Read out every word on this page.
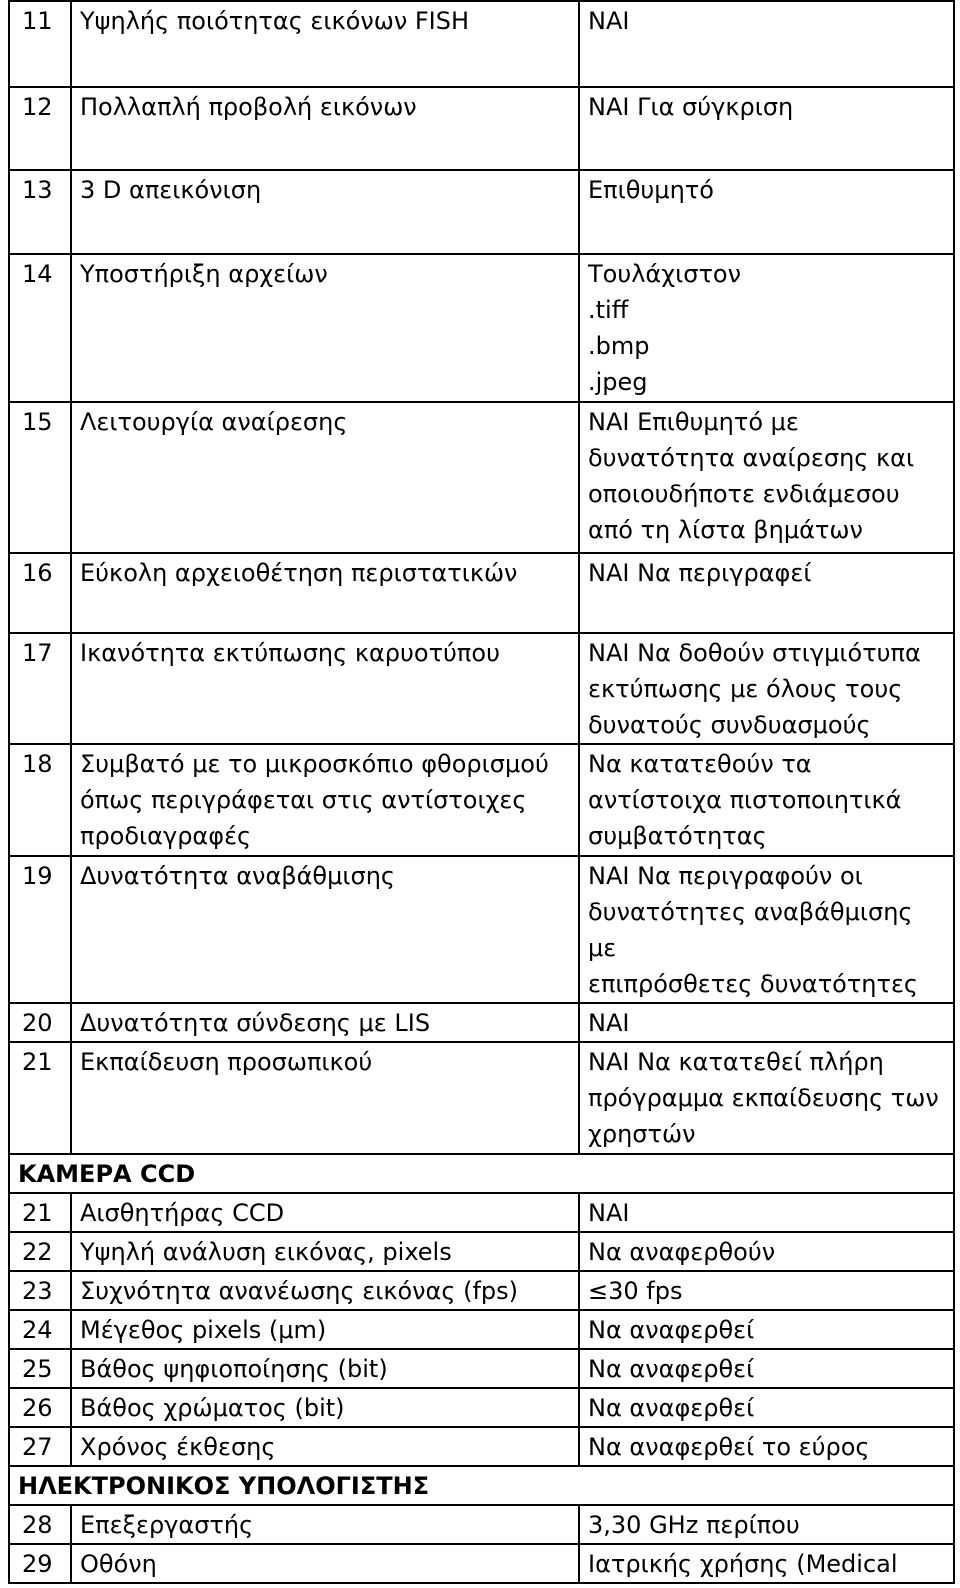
11	Υψηλής ποιότητας εικόνων FISH	ΝΑΙ
12	Πολλαπλή προβολή εικόνων	ΝΑΙ Για σύγκριση
13	3 D απεικόνιση	Επιθυμητό
14	Υποστήριξη αρχείων	Τουλάχιστον
.tiff
.bmp
.jpeg
15	Λειτουργία αναίρεσης	ΝΑΙ Επιθυμητό με
δυνατότητα αναίρεσης και
οποιουδήποτε ενδιάμεσου
από τη λίστα βημάτων
16	Εύκολη αρχειοθέτηση περιστατικών	ΝΑΙ Να περιγραφεί
17	Ικανότητα εκτύπωσης καρυοτύπου	ΝΑΙ Να δοθούν στιγμιότυπα
εκτύπωσης με όλους τους
δυνατούς συνδυασμούς
18	Συμβατό με το μικροσκόπιο φθορισμού
όπως περιγράφεται στις αντίστοιχες
προδιαγραφές	Να κατατεθούν τα
αντίστοιχα πιστοποιητικά
συμβατότητας
19	Δυνατότητα αναβάθμισης	ΝΑΙ Να περιγραφούν οι
δυνατότητες αναβάθμισης με
επιπρόσθετες δυνατότητες
20	Δυνατότητα σύνδεσης με LIS	ΝΑΙ
21	Εκπαίδευση προσωπικού	ΝΑΙ Να κατατεθεί πλήρη
πρόγραμμα εκπαίδευσης των
χρηστών
ΚΑΜΕΡΑ CCD		
21	Αισθητήρας CCD	ΝΑΙ
22	Υψηλή ανάλυση εικόνας, pixels	Να αναφερθούν
23	Συχνότητα ανανέωσης εικόνας (fps)	≤30 fps
24	Μέγεθος pixels (μm)	Να αναφερθεί
25	Βάθος ψηφιοποίησης (bit)	Να αναφερθεί
26	Βάθος χρώματος (bit)	Να αναφερθεί
27	Χρόνος έκθεσης	Να αναφερθεί το εύρος
ΗΛΕΚΤΡΟΝΙΚΟΣ ΥΠΟΛΟΓΙΣΤΗΣ		
28	Επεξεργαστής	3,30 GHz περίπου
29	Οθόνη	Ιατρικής χρήσης (Medical
